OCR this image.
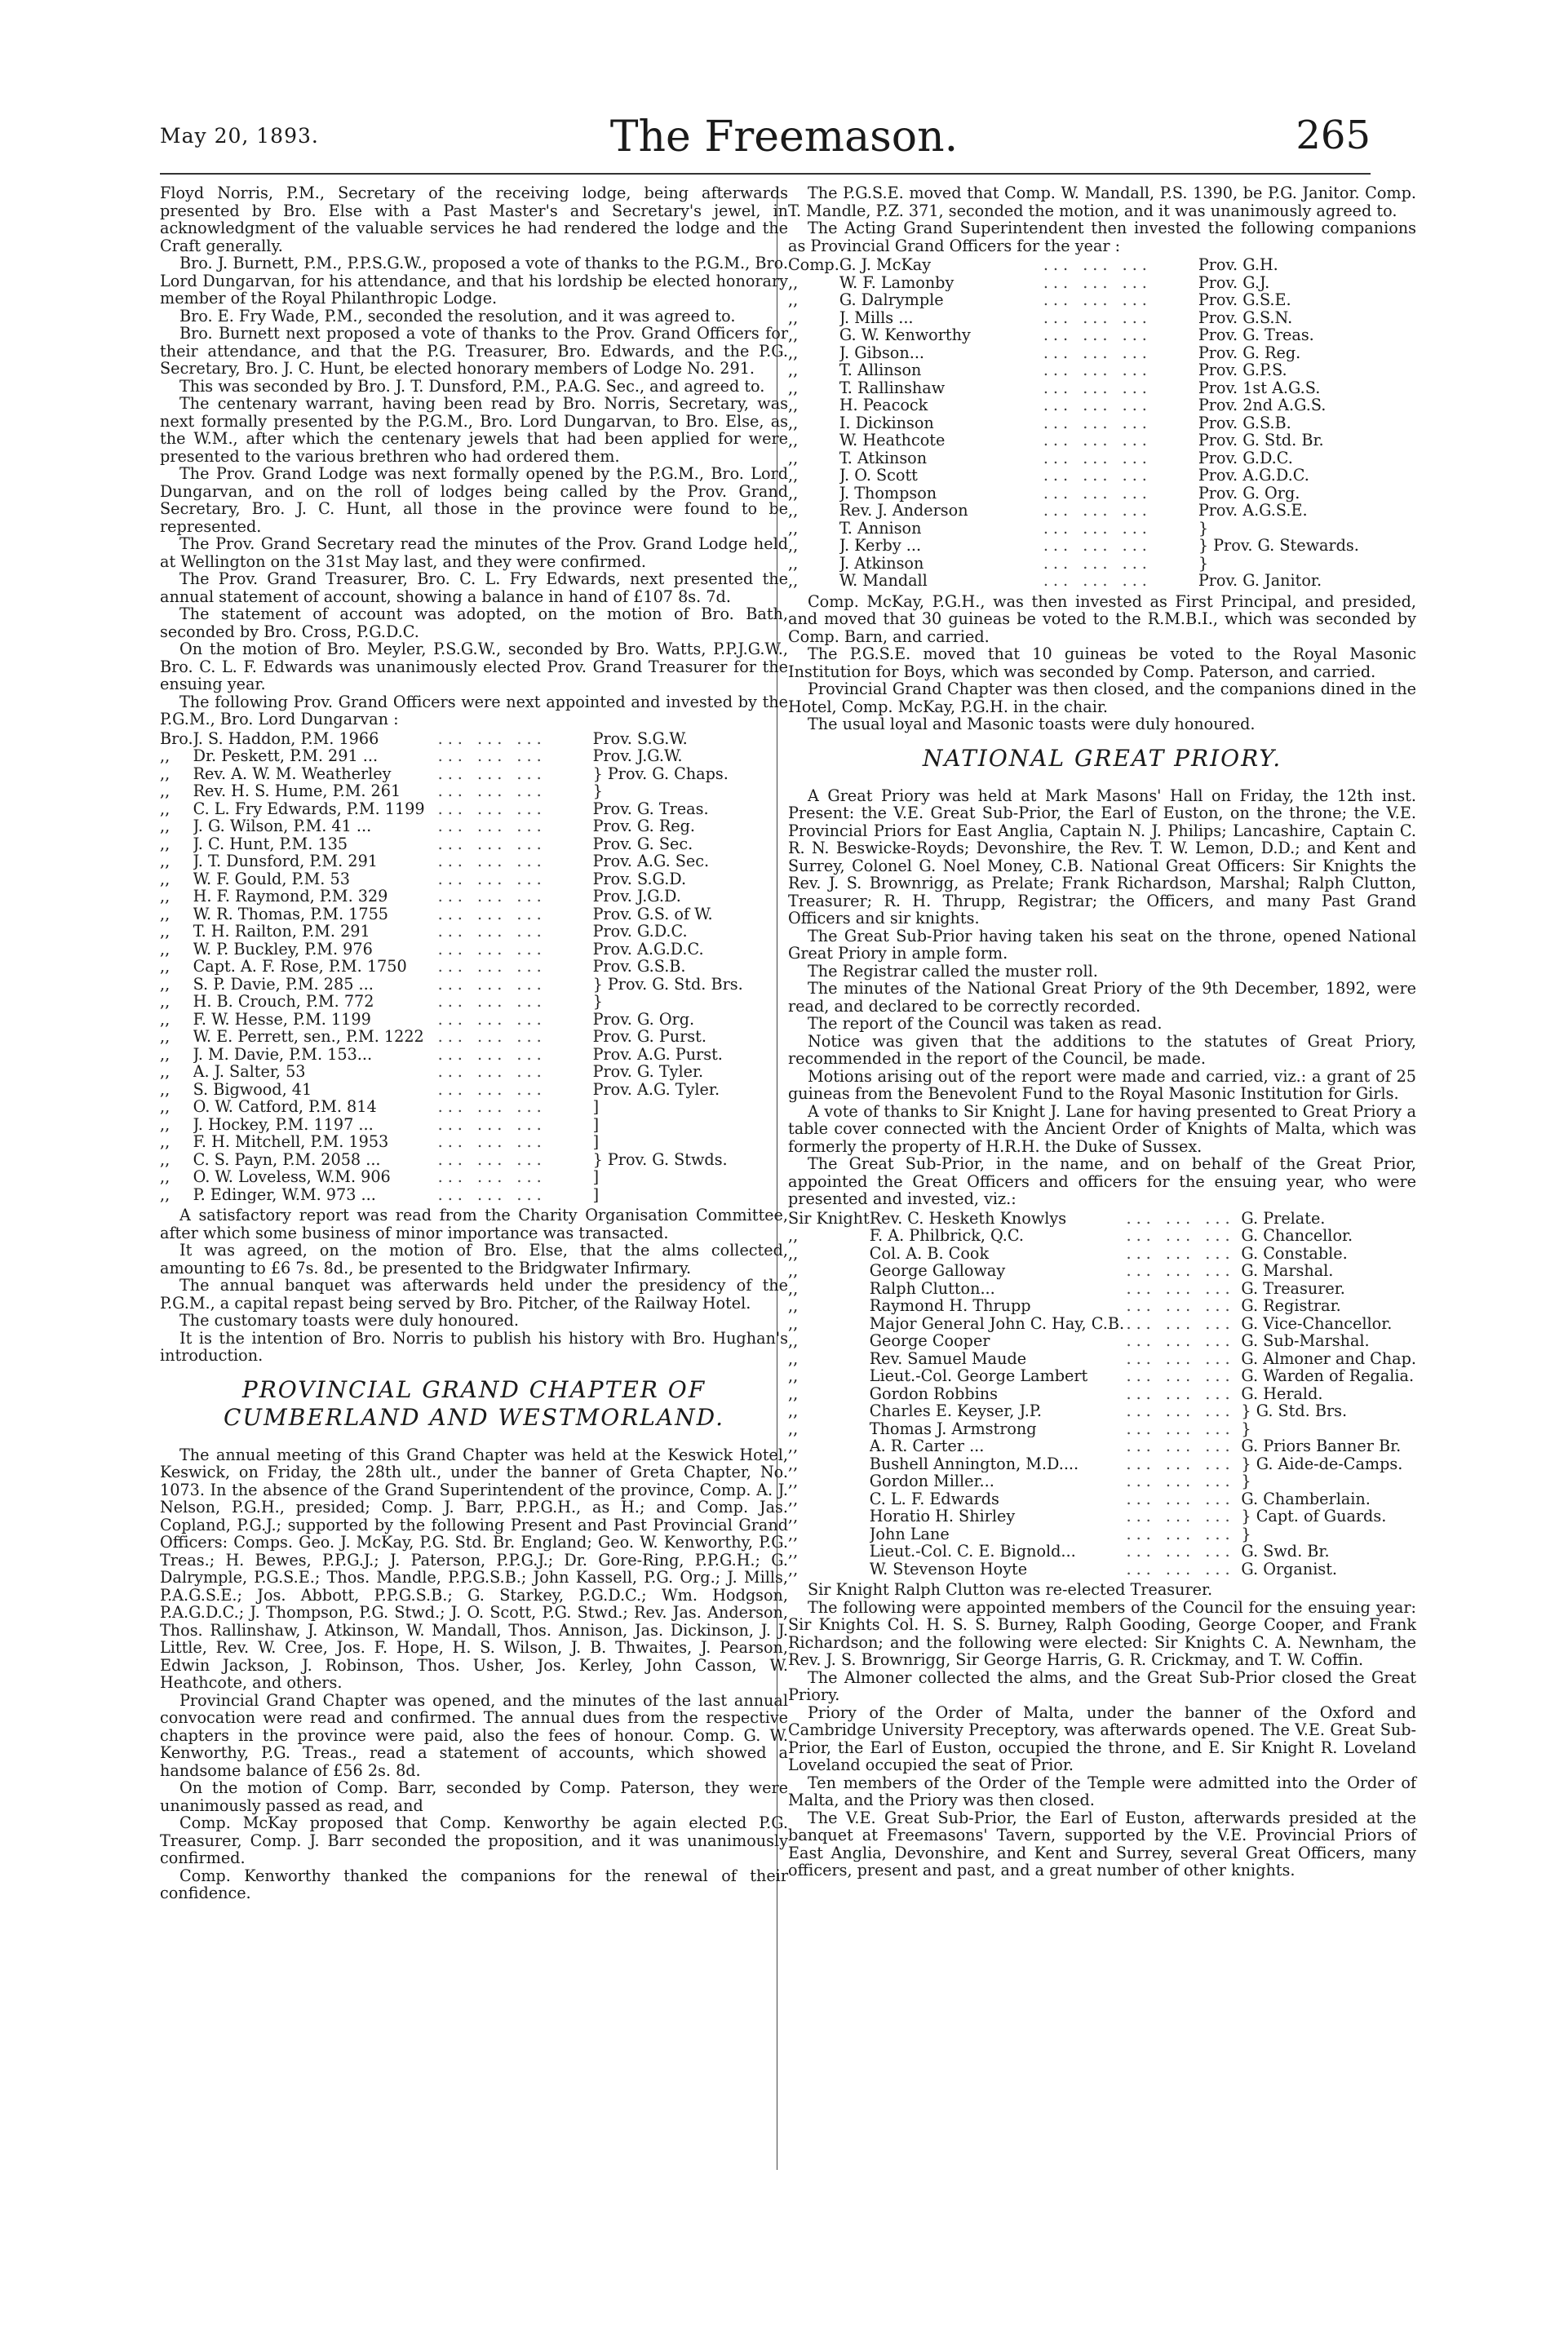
May 20, 1893.	The Freemason.	265

Floyd Norris, P.M., Secretary of the receiving lodge, being afterwards presented by Bro. Else with a Past Master's and Secretary's jewel, in acknowledgment of the valuable services he had rendered the lodge and the Craft generally.

Bro. J. Burnett, P.M., P.P.S.G.W., proposed a vote of thanks to the P.G.M., Bro. Lord Dungarvan, for his attendance, and that his lordship be elected honorary member of the Royal Philanthropic Lodge.

Bro. E. Fry Wade, P.M., seconded the resolution, and it was agreed to.

Bro. Burnett next proposed a vote of thanks to the Prov. Grand Officers for their attendance, and that the P.G. Treasurer, Bro. Edwards, and the P.G. Secretary, Bro. J. C. Hunt, be elected honorary members of Lodge No. 291.

This was seconded by Bro. J. T. Dunsford, P.M., P.A.G. Sec., and agreed to.

The centenary warrant, having been read by Bro. Norris, Secretary, was next formally presented by the P.G.M., Bro. Lord Dungarvan, to Bro. Else, as the W.M., after which the centenary jewels that had been applied for were presented to the various brethren who had ordered them.

The Prov. Grand Lodge was next formally opened by the P.G.M., Bro. Lord Dungarvan, and on the roll of lodges being called by the Prov. Grand Secretary, Bro. J. C. Hunt, all those in the province were found to be represented.

The Prov. Grand Secretary read the minutes of the Prov. Grand Lodge held at Wellington on the 31st May last, and they were confirmed.

The Prov. Grand Treasurer, Bro. C. L. Fry Edwards, next presented the annual statement of account, showing a balance in hand of £107 8s. 7d.

The statement of account was adopted, on the motion of Bro. Bath, seconded by Bro. Cross, P.G.D.C.

On the motion of Bro. Meyler, P.S.G.W., seconded by Bro. Watts, P.P.J.G.W., Bro. C. L. F. Edwards was unanimously elected Prov. Grand Treasurer for the ensuing year.

The following Prov. Grand Officers were next appointed and invested by the P.G.M., Bro. Lord Dungarvan :

Bro.	J. S. Haddon, P.M. 1966	... ... ...	Prov. S.G.W.
,,	Dr. Peskett, P.M. 291 ...	... ... ...	Prov. J.G.W.
,,	Rev. A. W. M. Weatherley	... ... ...	} Prov. G. Chaps.
,,	Rev. H. S. Hume, P.M. 261	... ... ...	}
,,	C. L. Fry Edwards, P.M. 1199	... ... ...	Prov. G. Treas.
,,	J. G. Wilson, P.M. 41 ...	... ... ...	Prov. G. Reg.
,,	J. C. Hunt, P.M. 135	... ... ...	Prov. G. Sec.
,,	J. T. Dunsford, P.M. 291	... ... ...	Prov. A.G. Sec.
,,	W. F. Gould, P.M. 53	... ... ...	Prov. S.G.D.
,,	H. F. Raymond, P.M. 329	... ... ...	Prov. J.G.D.
,,	W. R. Thomas, P.M. 1755	... ... ...	Prov. G.S. of W.
,,	T. H. Railton, P.M. 291	... ... ...	Prov. G.D.C.
,,	W. P. Buckley, P.M. 976	... ... ...	Prov. A.G.D.C.
,,	Capt. A. F. Rose, P.M. 1750	... ... ...	Prov. G.S.B.
,,	S. P. Davie, P.M. 285 ...	... ... ...	} Prov. G. Std. Brs.
,,	H. B. Crouch, P.M. 772	... ... ...	}
,,	F. W. Hesse, P.M. 1199	... ... ...	Prov. G. Org.
,,	W. E. Perrett, sen., P.M. 1222	... ... ...	Prov. G. Purst.
,,	J. M. Davie, P.M. 153...	... ... ...	Prov. A.G. Purst.
,,	A. J. Salter, 53	... ... ...	Prov. G. Tyler.
,,	S. Bigwood, 41	... ... ...	Prov. A.G. Tyler.
,,	O. W. Catford, P.M. 814	... ... ...	]
,,	J. Hockey, P.M. 1197 ...	... ... ...	]
,,	F. H. Mitchell, P.M. 1953	... ... ...	]
,,	C. S. Payn, P.M. 2058 ...	... ... ...	} Prov. G. Stwds.
,,	O. W. Loveless, W.M. 906	... ... ...	]
,,	P. Edinger, W.M. 973 ...	... ... ...	]

A satisfactory report was read from the Charity Organisation Committee, after which some business of minor importance was transacted.

It was agreed, on the motion of Bro. Else, that the alms collected, amounting to £6 7s. 8d., be presented to the Bridgwater Infirmary.

The annual banquet was afterwards held under the presidency of the P.G.M., a capital repast being served by Bro. Pitcher, of the Railway Hotel.

The customary toasts were duly honoured.

It is the intention of Bro. Norris to publish his history with Bro. Hughan's introduction.

PROVINCIAL GRAND CHAPTER OF CUMBERLAND AND WESTMORLAND.

The annual meeting of this Grand Chapter was held at the Keswick Hotel, Keswick, on Friday, the 28th ult., under the banner of Greta Chapter, No. 1073. In the absence of the Grand Superintendent of the province, Comp. A. J. Nelson, P.G.H., presided; Comp. J. Barr, P.P.G.H., as H.; and Comp. Jas. Copland, P.G.J.; supported by the following Present and Past Provincial Grand Officers: Comps. Geo. J. McKay, P.G. Std. Br. England; Geo. W. Kenworthy, P.G. Treas.; H. Bewes, P.P.G.J.; J. Paterson, P.P.G.J.; Dr. Gore-Ring, P.P.G.H.; G. Dalrymple, P.G.S.E.; Thos. Mandle, P.P.G.S.B.; John Kassell, P.G. Org.; J. Mills, P.A.G.S.E.; Jos. Abbott, P.P.G.S.B.; G. Starkey, P.G.D.C.; Wm. Hodgson, P.A.G.D.C.; J. Thompson, P.G. Stwd.; J. O. Scott, P.G. Stwd.; Rev. Jas. Anderson, Thos. Rallinshaw, J. Atkinson, W. Mandall, Thos. Annison, Jas. Dickinson, J. J. Little, Rev. W. Cree, Jos. F. Hope, H. S. Wilson, J. B. Thwaites, J. Pearson, Edwin Jackson, J. Robinson, Thos. Usher, Jos. Kerley, John Casson, W. Heathcote, and others.

Provincial Grand Chapter was opened, and the minutes of the last annual convocation were read and confirmed. The annual dues from the respective chapters in the province were paid, also the fees of honour. Comp. G. W. Kenworthy, P.G. Treas., read a statement of accounts, which showed a handsome balance of £56 2s. 8d.

On the motion of Comp. Barr, seconded by Comp. Paterson, they were unanimously passed as read, and

Comp. McKay proposed that Comp. Kenworthy be again elected P.G. Treasurer, Comp. J. Barr seconded the proposition, and it was unanimously confirmed.

Comp. Kenworthy thanked the companions for the renewal of their confidence.

The P.G.S.E. moved that Comp. W. Mandall, P.S. 1390, be P.G. Janitor. Comp. T. Mandle, P.Z. 371, seconded the motion, and it was unanimously agreed to.

The Acting Grand Superintendent then invested the following companions as Provincial Grand Officers for the year :

Comp.	G. J. McKay	... ... ...	Prov. G.H.
,,	W. F. Lamonby	... ... ...	Prov. G.J.
,,	G. Dalrymple	... ... ...	Prov. G.S.E.
,,	J. Mills ...	... ... ...	Prov. G.S.N.
,,	G. W. Kenworthy	... ... ...	Prov. G. Treas.
,,	J. Gibson...	... ... ...	Prov. G. Reg.
,,	T. Allinson	... ... ...	Prov. G.P.S.
,,	T. Rallinshaw	... ... ...	Prov. 1st A.G.S.
,,	H. Peacock	... ... ...	Prov. 2nd A.G.S.
,,	I. Dickinson	... ... ...	Prov. G.S.B.
,,	W. Heathcote	... ... ...	Prov. G. Std. Br.
,,	T. Atkinson	... ... ...	Prov. G.D.C.
,,	J. O. Scott	... ... ...	Prov. A.G.D.C.
,,	J. Thompson	... ... ...	Prov. G. Org.
,,	Rev. J. Anderson	... ... ...	Prov. A.G.S.E.
,,	T. Annison	... ... ...	}
,,	J. Kerby ...	... ... ...	} Prov. G. Stewards.
,,	J. Atkinson	... ... ...	}
,,	W. Mandall	... ... ...	Prov. G. Janitor.

Comp. McKay, P.G.H., was then invested as First Principal, and presided, and moved that 30 guineas be voted to the R.M.B.I., which was seconded by Comp. Barn, and carried.

The P.G.S.E. moved that 10 guineas be voted to the Royal Masonic Institution for Boys, which was seconded by Comp. Paterson, and carried.

Provincial Grand Chapter was then closed, and the companions dined in the Hotel, Comp. McKay, P.G.H. in the chair.

The usual loyal and Masonic toasts were duly honoured.

NATIONAL GREAT PRIORY.

A Great Priory was held at Mark Masons' Hall on Friday, the 12th inst. Present: the V.E. Great Sub-Prior, the Earl of Euston, on the throne; the V.E. Provincial Priors for East Anglia, Captain N. J. Philips; Lancashire, Captain C. R. N. Beswicke-Royds; Devonshire, the Rev. T. W. Lemon, D.D.; and Kent and Surrey, Colonel G. Noel Money, C.B. National Great Officers: Sir Knights the Rev. J. S. Brownrigg, as Prelate; Frank Richardson, Marshal; Ralph Clutton, Treasurer; R. H. Thrupp, Registrar; the Officers, and many Past Grand Officers and sir knights.

The Great Sub-Prior having taken his seat on the throne, opened National Great Priory in ample form.

The Registrar called the muster roll.

The minutes of the National Great Priory of the 9th December, 1892, were read, and declared to be correctly recorded.

The report of the Council was taken as read.

Notice was given that the additions to the statutes of Great Priory, recommended in the report of the Council, be made.

Motions arising out of the report were made and carried, viz.: a grant of 25 guineas from the Benevolent Fund to the Royal Masonic Institution for Girls.

A vote of thanks to Sir Knight J. Lane for having presented to Great Priory a table cover connected with the Ancient Order of Knights of Malta, which was formerly the property of H.R.H. the Duke of Sussex.

The Great Sub-Prior, in the name, and on behalf of the Great Prior, appointed the Great Officers and officers for the ensuing year, who were presented and invested, viz.:

Sir Knight	Rev. C. Hesketh Knowlys	... ... ...	G. Prelate.
,,	F. A. Philbrick, Q.C.	... ... ...	G. Chancellor.
,,	Col. A. B. Cook	... ... ...	G. Constable.
,,	George Galloway	... ... ...	G. Marshal.
,,	Ralph Clutton...	... ... ...	G. Treasurer.
,,	Raymond H. Thrupp	... ... ...	G. Registrar.
,,	Major General John C. Hay, C.B.	... ... ...	G. Vice-Chancellor.
,,	George Cooper	... ... ...	G. Sub-Marshal.
,,	Rev. Samuel Maude	... ... ...	G. Almoner and Chap.
,,	Lieut.-Col. George Lambert	... ... ...	G. Warden of Regalia.
,,	Gordon Robbins	... ... ...	G. Herald.
,,	Charles E. Keyser, J.P.	... ... ...	} G. Std. Brs.
,,	Thomas J. Armstrong	... ... ...	}
,,	A. R. Carter ...	... ... ...	G. Priors Banner Br.
,,	Bushell Annington, M.D....	... ... ...	} G. Aide-de-Camps.
,,	Gordon Miller...	... ... ...	}
,,	C. L. F. Edwards	... ... ...	G. Chamberlain.
,,	Horatio H. Shirley	... ... ...	} Capt. of Guards.
,,	John Lane	... ... ...	}
,,	Lieut.-Col. C. E. Bignold...	... ... ...	G. Swd. Br.
,,	W. Stevenson Hoyte	... ... ...	G. Organist.

Sir Knight Ralph Clutton was re-elected Treasurer.

The following were appointed members of the Council for the ensuing year: Sir Knights Col. H. S. S. Burney, Ralph Gooding, George Cooper, and Frank Richardson; and the following were elected: Sir Knights C. A. Newnham, the Rev. J. S. Brownrigg, Sir George Harris, G. R. Crickmay, and T. W. Coffin.

The Almoner collected the alms, and the Great Sub-Prior closed the Great Priory.

Priory of the Order of Malta, under the banner of the Oxford and Cambridge University Preceptory, was afterwards opened. The V.E. Great Sub-Prior, the Earl of Euston, occupied the throne, and E. Sir Knight R. Loveland Loveland occupied the seat of Prior.

Ten members of the Order of the Temple were admitted into the Order of Malta, and the Priory was then closed.

The V.E. Great Sub-Prior, the Earl of Euston, afterwards presided at the banquet at Freemasons' Tavern, supported by the V.E. Provincial Priors of East Anglia, Devonshire, and Kent and Surrey, several Great Officers, many officers, present and past, and a great number of other knights.
